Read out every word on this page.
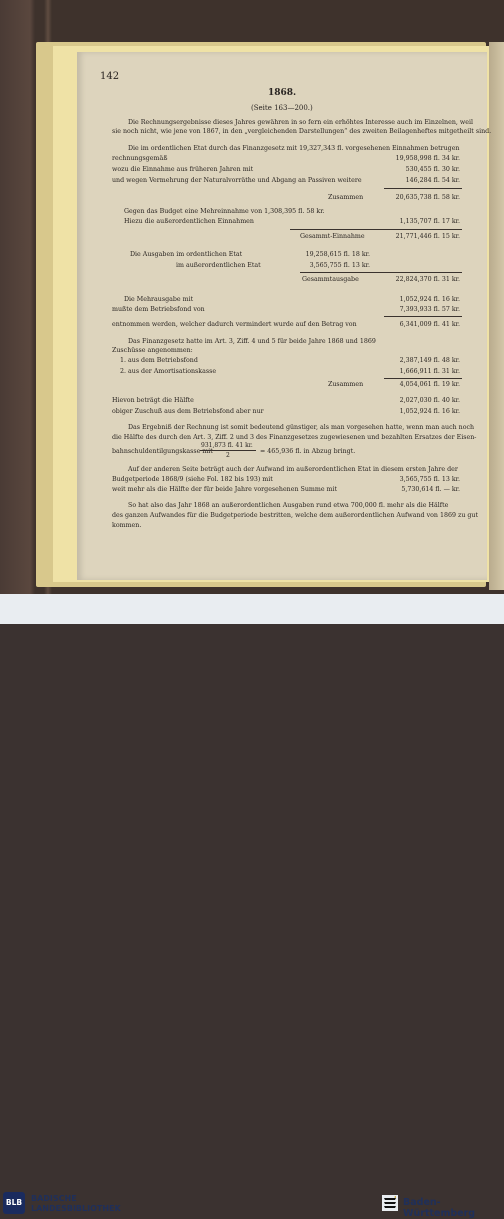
142
1868.
(Seite 163—200.)
Die Rechnungsergebnisse dieses Jahres gewähren in so fern ein erhöhtes Interesse auch im Einzelnen, weil
sie noch nicht, wie jene von 1867, in den „vergleichenden Darstellungen“ des zweiten Beilagenheftes mitgetheilt sind.
Die im ordentlichen Etat durch das Finanzgesetz mit 19,327,343 fl. vorgesehenen Einnahmen betrugen
rechnungsgemäß	19,958,998 fl. 34 kr.
wozu die Einnahme aus früheren Jahren mit	530,455 fl. 30 kr.
und wegen Vermehrung der Naturalvorräthe und Abgang an Passiven weitere	146,284 fl. 54 kr.
Zusammen	20,635,738 fl. 58 kr.
Gegen das Budget eine Mehreinnahme von 1,308,395 fl. 58 kr.
Hiezu die außerordentlichen Einnahmen	1,135,707 fl. 17 kr.
Gesammt-Einnahme	21,771,446 fl. 15 kr.
Die Ausgaben im ordentlichen Etat	19,258,615 fl. 18 kr.
im außerordentlichen Etat	3,565,755 fl. 13 kr.
Gesammtausgabe	22,824,370 fl. 31 kr.
Die Mehrausgabe mit	1,052,924 fl. 16 kr.
mußte dem Betriebsfond von	7,393,933 fl. 57 kr.
entnommen werden, welcher dadurch vermindert wurde auf den Betrag von	6,341,009 fl. 41 kr.
Das Finanzgesetz hatte im Art. 3, Ziff. 4 und 5 für beide Jahre 1868 und 1869
Zuschüsse angenommen:
1. aus dem Betriebsfond	2,387,149 fl. 48 kr.
2. aus der Amortisationskasse	1,666,911 fl. 31 kr.
Zusammen	4,054,061 fl. 19 kr.
Hievon beträgt die Hälfte	2,027,030 fl. 40 kr.
obiger Zuschuß aus dem Betriebsfond aber nur	1,052,924 fl. 16 kr.
Das Ergebniß der Rechnung ist somit bedeutend günstiger, als man vorgesehen hatte, wenn man auch noch
die Hälfte des durch den Art. 3, Ziff. 2 und 3 des Finanzgesetzes zugewiesenen und bezahlten Ersatzes der Eisen-
bahnschuldentilgungskasse mit
931,873 fl. 41 kr.
2
= 465,936 fl. in Abzug bringt.
Auf der anderen Seite beträgt auch der Aufwand im außerordentlichen Etat in diesem ersten Jahre der
Budgetperiode 1868/9 (siehe Fol. 182 bis 193) mit	3,565,755 fl. 13 kr.
weit mehr als die Hälfte der für beide Jahre vorgesehenen Summe mit	5,730,614 fl. — kr.
So hat also das Jahr 1868 an außerordentlichen Ausgaben rund etwa 700,000 fl. mehr als die Hälfte
des ganzen Aufwandes für die Budgetperiode bestritten, welche dem außerordentlichen Aufwand von 1869 zu gut
kommen.
BLB	BADISCHE
LANDESBIBLIOTHEK
Baden-Württemberg
